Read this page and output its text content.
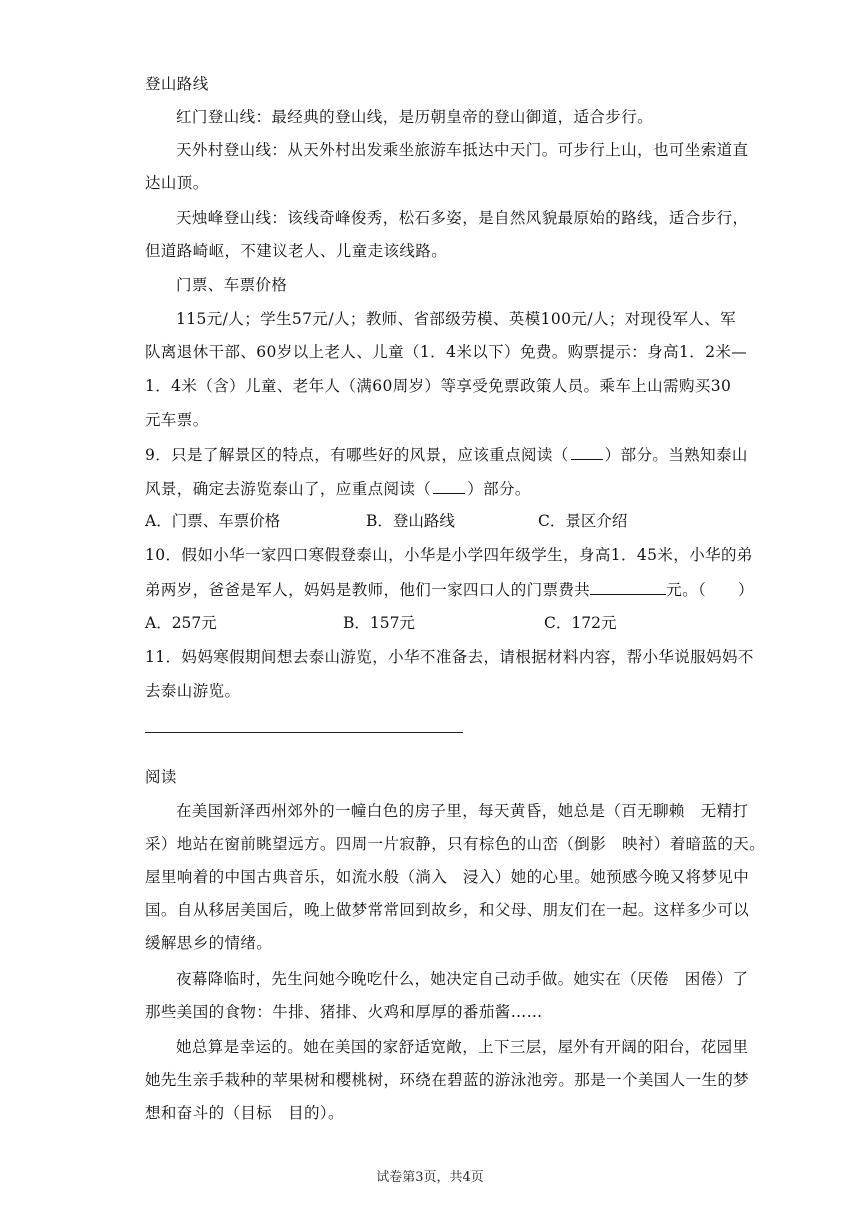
登山路线
红门登山线：最经典的登山线，是历朝皇帝的登山御道，适合步行。
天外村登山线：从天外村出发乘坐旅游车抵达中天门。可步行上山，也可坐索道直
达山顶。
天烛峰登山线：该线奇峰俊秀，松石多姿，是自然风貌最原始的路线，适合步行，
但道路崎岖，不建议老人、儿童走该线路。
门票、车票价格
115元/人；学生57元/人；教师、省部级劳模、英模100元/人；对现役军人、军
队离退休干部、60岁以上老人、儿童（1．4米以下）免费。购票提示：身高1．2米—
1．4米（含）儿童、老年人（满60周岁）等享受免票政策人员。乘车上山需购买30
元车票。
9．只是了解景区的特点，有哪些好的风景，应该重点阅读（ ）部分。当熟知泰山
风景，确定去游览泰山了，应重点阅读（ ）部分。
A．门票、车票价格	B．登山路线	C．景区介绍
10．假如小华一家四口寒假登泰山，小华是小学四年级学生，身高1．45米，小华的弟
弟两岁，爸爸是军人，妈妈是教师，他们一家四口人的门票费共	元。（　　）
A．257元	B．157元	C．172元
11．妈妈寒假期间想去泰山游览，小华不准备去，请根据材料内容，帮小华说服妈妈不
去泰山游览。
阅读
在美国新泽西州郊外的一幢白色的房子里，每天黄昏，她总是（百无聊赖　无精打
采）地站在窗前眺望远方。四周一片寂静，只有棕色的山峦（倒影　映衬）着暗蓝的天。
屋里响着的中国古典音乐，如流水般（淌入　浸入）她的心里。她预感今晚又将梦见中
国。自从移居美国后，晚上做梦常常回到故乡，和父母、朋友们在一起。这样多少可以
缓解思乡的情绪。
夜幕降临时，先生问她今晚吃什么，她决定自己动手做。她实在（厌倦　困倦）了
那些美国的食物：牛排、猪排、火鸡和厚厚的番茄酱……
她总算是幸运的。她在美国的家舒适宽敞，上下三层，屋外有开阔的阳台，花园里
她先生亲手栽种的苹果树和樱桃树，环绕在碧蓝的游泳池旁。那是一个美国人一生的梦
想和奋斗的（目标　目的）。
试卷第3页，共4页
